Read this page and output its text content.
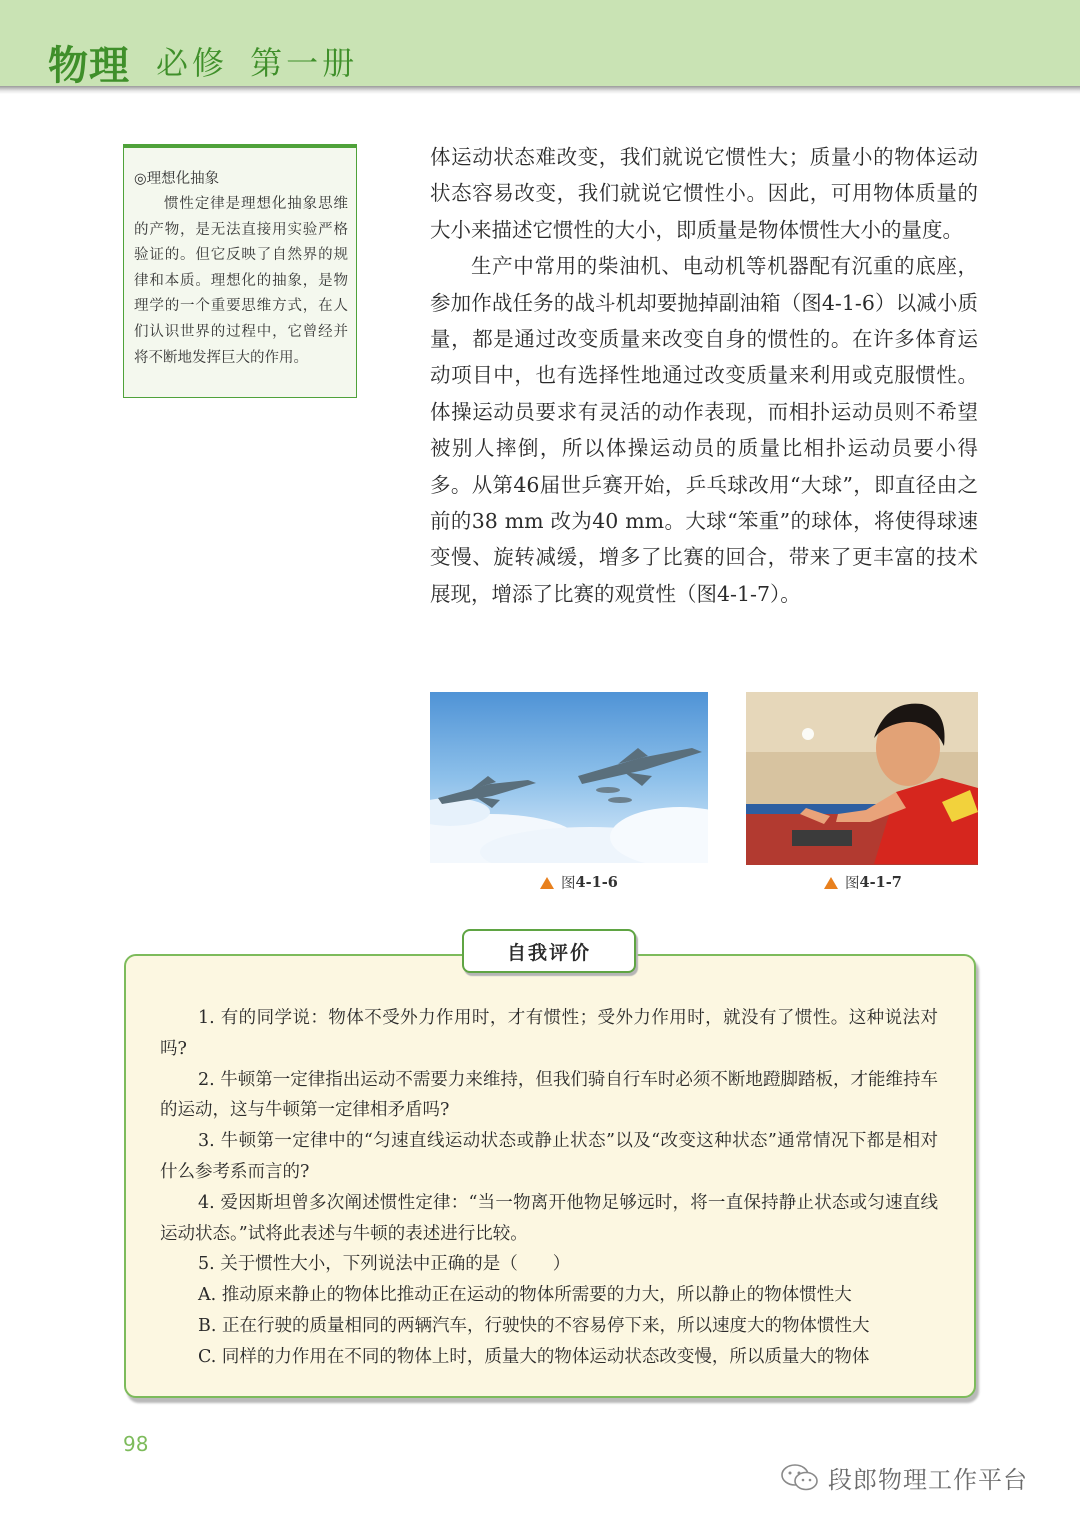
物理 必修 第一册
◎理想化抽象
惯性定律是理想化抽象思维的产物，是无法直接用实验严格验证的。但它反映了自然界的规律和本质。理想化的抽象，是物理学的一个重要思维方式，在人们认识世界的过程中，它曾经并将不断地发挥巨大的作用。

体运动状态难改变，我们就说它惯性大；质量小的物体运动状态容易改变，我们就说它惯性小。因此，可用物体质量的大小来描述它惯性的大小，即质量是物体惯性大小的量度。

生产中常用的柴油机、电动机等机器配有沉重的底座，参加作战任务的战斗机却要抛掉副油箱（图4-1-6）以减小质量，都是通过改变质量来改变自身的惯性的。在许多体育运动项目中，也有选择性地通过改变质量来利用或克服惯性。体操运动员要求有灵活的动作表现，而相扑运动员则不希望被别人摔倒，所以体操运动员的质量比相扑运动员要小得多。从第46届世乒赛开始，乒乓球改用“大球”，即直径由之前的38 mm 改为40 mm。大球“笨重”的球体，将使得球速变慢、旋转减缓，增多了比赛的回合，带来了更丰富的技术展现，增添了比赛的观赏性（图4-1-7）。

图 4-1-6	图 4-1-7
自我评价

1. 有的同学说：物体不受外力作用时，才有惯性；受外力作用时，就没有了惯性。这种说法对吗?

2. 牛顿第一定律指出运动不需要力来维持，但我们骑自行车时必须不断地蹬脚踏板，才能维持车的运动，这与牛顿第一定律相矛盾吗?

3. 牛顿第一定律中的“匀速直线运动状态或静止状态”以及“改变这种状态”通常情况下都是相对什么参考系而言的?

4. 爱因斯坦曾多次阐述惯性定律：“当一物离开他物足够远时，将一直保持静止状态或匀速直线运动状态。”试将此表述与牛顿的表述进行比较。

5. 关于惯性大小，下列说法中正确的是（　　）

A. 推动原来静止的物体比推动正在运动的物体所需要的力大，所以静止的物体惯性大

B. 正在行驶的质量相同的两辆汽车，行驶快的不容易停下来，所以速度大的物体惯性大

C. 同样的力作用在不同的物体上时，质量大的物体运动状态改变慢，所以质量大的物体

98
段郎物理工作平台
